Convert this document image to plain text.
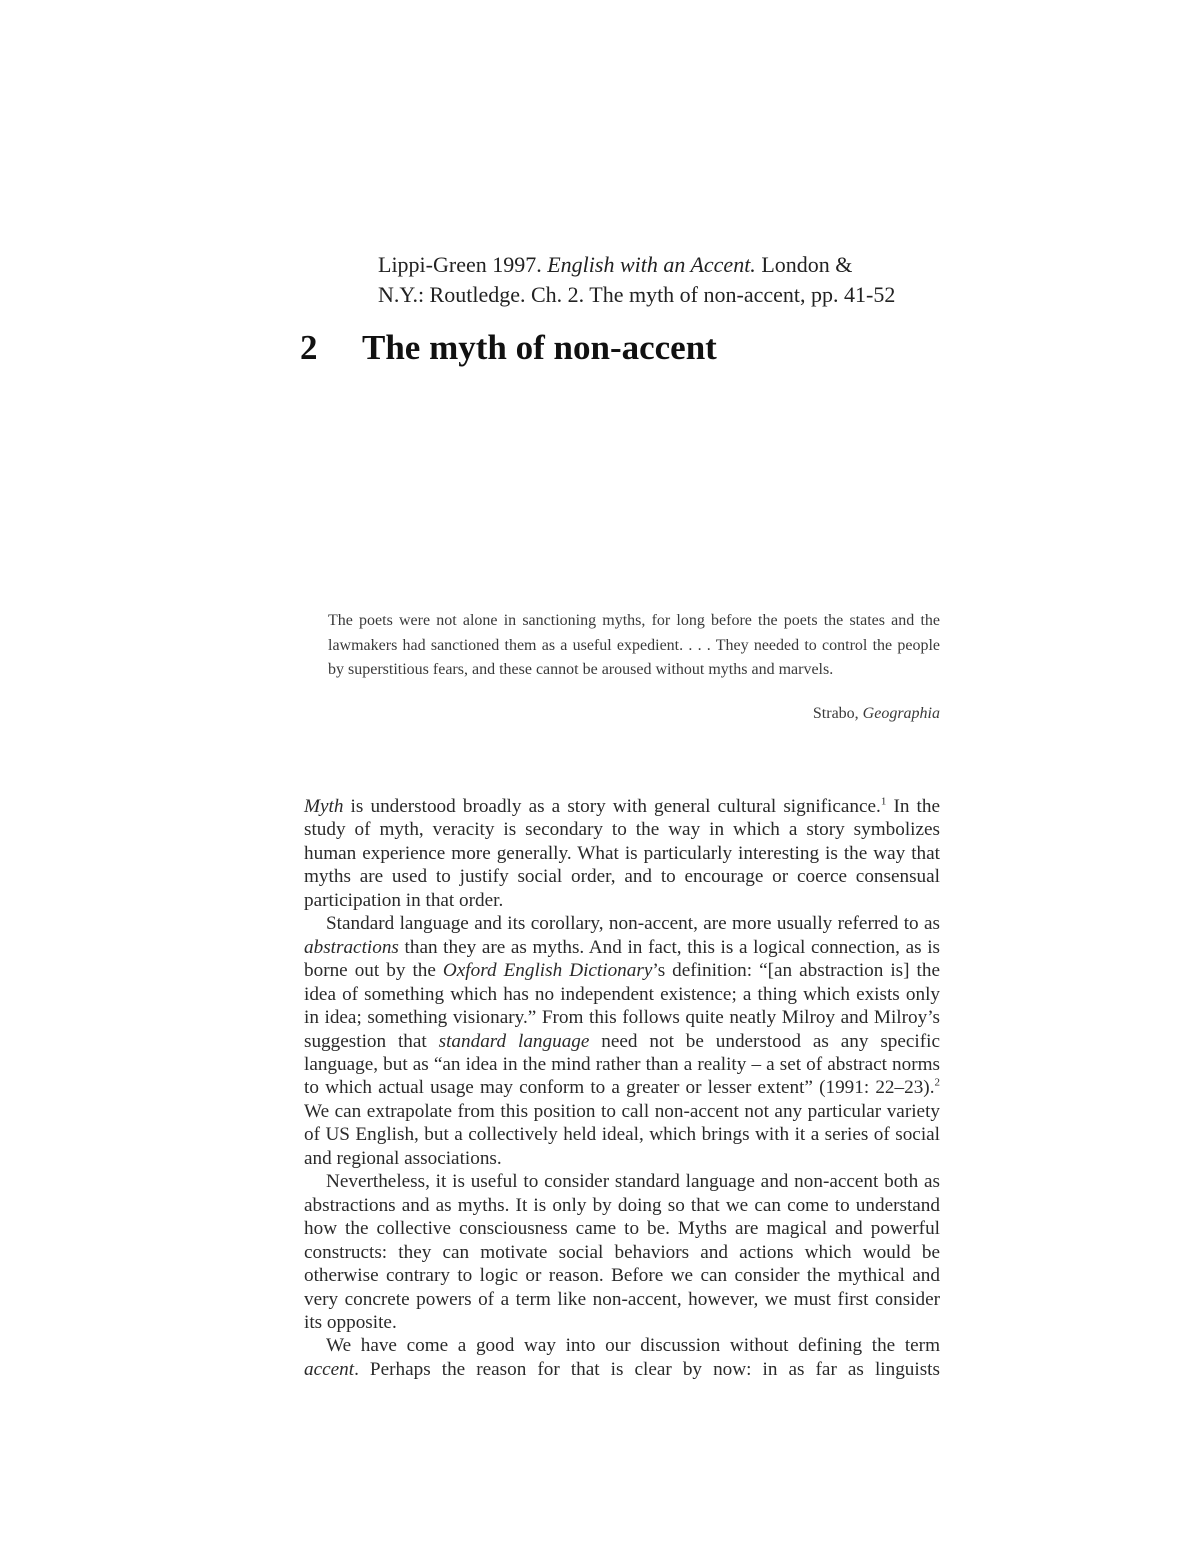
Lippi-Green 1997. English with an Accent. London &
N.Y.: Routledge. Ch. 2. The myth of non-accent, pp. 41-52
2 The myth of non-accent
The poets were not alone in sanctioning myths, for long before the poets the states and the lawmakers had sanctioned them as a useful expedient. . . . They needed to control the people by superstitious fears, and these cannot be aroused without myths and marvels.
Strabo, Geographia

Myth is understood broadly as a story with general cultural significance.$^1$ In the study of myth, veracity is secondary to the way in which a story symbolizes human experience more generally. What is particularly interesting is the way that myths are used to justify social order, and to encourage or coerce consensual participation in that order.

Standard language and its corollary, non-accent, are more usually referred to as abstractions than they are as myths. And in fact, this is a logical connection, as is borne out by the Oxford English Dictionary’s definition: “[an abstraction is] the idea of something which has no independent existence; a thing which exists only in idea; something visionary.” From this follows quite neatly Milroy and Milroy’s suggestion that standard language need not be understood as any specific language, but as “an idea in the mind rather than a reality – a set of abstract norms to which actual usage may conform to a greater or lesser extent” (1991: 22–23).$^2$ We can extrapolate from this position to call non-accent not any particular variety of US English, but a collectively held ideal, which brings with it a series of social and regional associations.

Nevertheless, it is useful to consider standard language and non-accent both as abstractions and as myths. It is only by doing so that we can come to understand how the collective consciousness came to be. Myths are magical and powerful constructs: they can motivate social behaviors and actions which would be otherwise contrary to logic or reason. Before we can consider the mythical and very concrete powers of a term like non-accent, however, we must first consider its opposite.

We have come a good way into our discussion without defining the term accent. Perhaps the reason for that is clear by now: in as far as linguists
